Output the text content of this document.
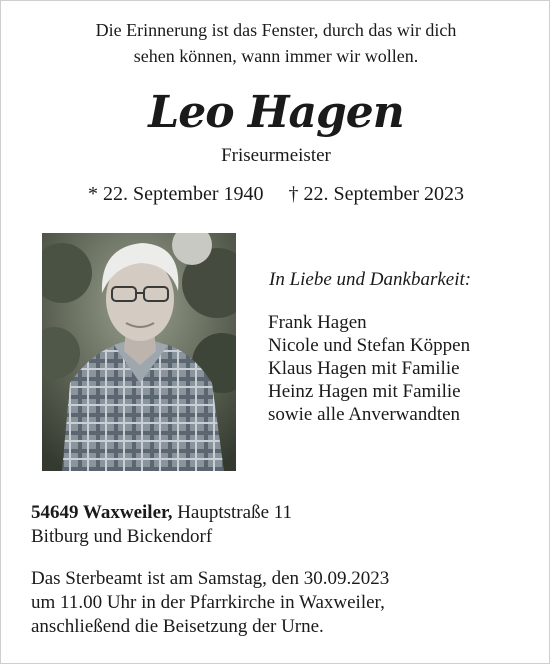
Die Erinnerung ist das Fenster, durch das wir dich
sehen können, wann immer wir wollen.
Leo Hagen
Friseurmeister
* 22. September 1940 † 22. September 2023
In Liebe und Dankbarkeit:
Frank Hagen
Nicole und Stefan Köppen
Klaus Hagen mit Familie
Heinz Hagen mit Familie
sowie alle Anverwandten
54649 Waxweiler, Hauptstraße 11
Bitburg und Bickendorf
Das Sterbeamt ist am Samstag, den 30.09.2023
um 11.00 Uhr in der Pfarrkirche in Waxweiler,
anschließend die Beisetzung der Urne.
